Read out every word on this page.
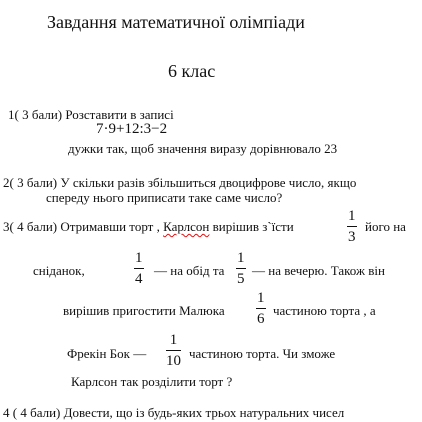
Завдання математичної олімпіади
6 клас
1( 3 бали) Розставити в записі
7·9+12:3−2
дужки так, щоб значення виразу дорівнювало 23
2( 3 бали) У скільки разів збільшиться двоцифрове число, якщо
спереду нього приписати таке саме число?
3( 4 бали) Отримавши торт , Карлсон вирішив з`їсти
1
3
його на
сніданок,
1
4
— на обід та
1
5
— на вечерю. Також він
вирішив пригостити Малюка
1
6
частиною торта , а
Фрекін Бок —
1
10 частиною торта. Чи зможе
Карлсон так розділити торт ?
4 ( 4 бали) Довести, що із будь-яких трьох натуральних чисел
